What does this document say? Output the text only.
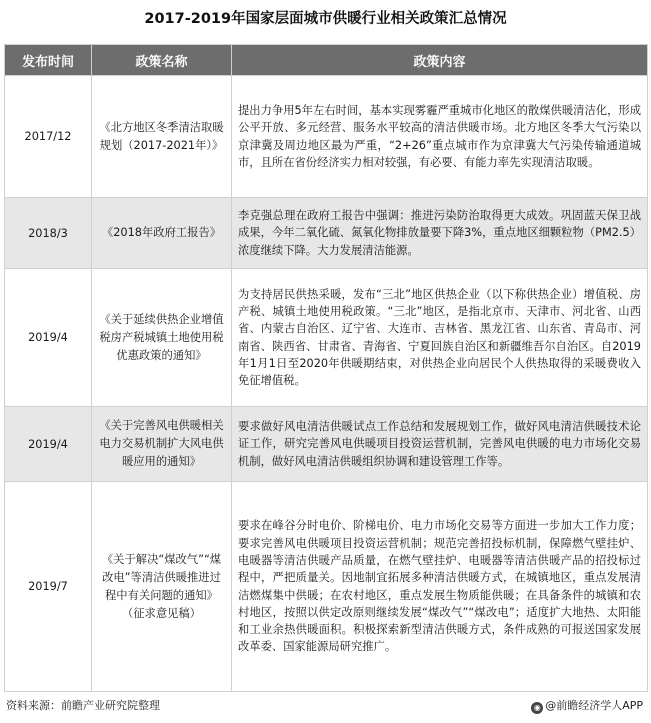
2017-2019年国家层面城市供暖行业相关政策汇总情况
发布时间	政策名称	政策内容
2017/12	《北方地区冬季清洁取暖规划（2017-2021年）》	提出力争用5年左右时间，基本实现雾霾严重城市化地区的散煤供暖清洁化，形成公平开放、多元经营、服务水平较高的清洁供暖市场。北方地区冬季大气污染以京津冀及周边地区最为严重，“2+26”重点城市作为京津冀大气污染传输通道城市，且所在省份经济实力相对较强，有必要、有能力率先实现清洁取暖。
2018/3	《2018年政府工报告》	李克强总理在政府工报告中强调：推进污染防治取得更大成效。巩固蓝天保卫战成果，今年二氧化硫、氮氧化物排放量要下降3%，重点地区细颗粒物（PM2.5）浓度继续下降。大力发展清洁能源。
2019/4	《关于延续供热企业增值税房产税城镇土地使用税优惠政策的通知》	为支持居民供热采暖，发布“三北”地区供热企业（以下称供热企业）增值税、房产税、城镇土地使用税政策。“三北”地区，是指北京市、天津市、河北省、山西省、内蒙古自治区、辽宁省、大连市、吉林省、黑龙江省、山东省、青岛市、河南省、陕西省、甘肃省、青海省、宁夏回族自治区和新疆维吾尔自治区。自2019年1月1日至2020年供暖期结束，对供热企业向居民个人供热取得的采暖费收入免征增值税。
2019/4	《关于完善风电供暖相关电力交易机制扩大风电供暖应用的通知》	要求做好风电清洁供暖试点工作总结和发展规划工作，做好风电清洁供暖技术论证工作，研究完善风电供暖项目投资运营机制，完善风电供暖的电力市场化交易机制，做好风电清洁供暖组织协调和建设管理工作等。
2019/7	《关于解决“煤改气”“煤改电”等清洁供暖推进过程中有关问题的通知》（征求意见稿）	要求在峰谷分时电价、阶梯电价、电力市场化交易等方面进一步加大工作力度；要求完善风电供暖项目投资运营机制；规范完善招投标机制，保障燃气壁挂炉、电暖器等清洁供暖产品质量，在燃气壁挂炉、电暖器等清洁供暖产品的招投标过程中，严把质量关。因地制宜拓展多种清洁供暖方式，在城镇地区，重点发展清洁燃煤集中供暖；在农村地区，重点发展生物质能供暖；在具备条件的城镇和农村地区，按照以供定改原则继续发展“煤改气”“煤改电”；适度扩大地热、太阳能和工业余热供暖面积。积极探索新型清洁供暖方式，条件成熟的可报送国家发展改革委、国家能源局研究推广。
资料来源：前瞻产业研究院整理	◉ @前瞻经济学人APP
